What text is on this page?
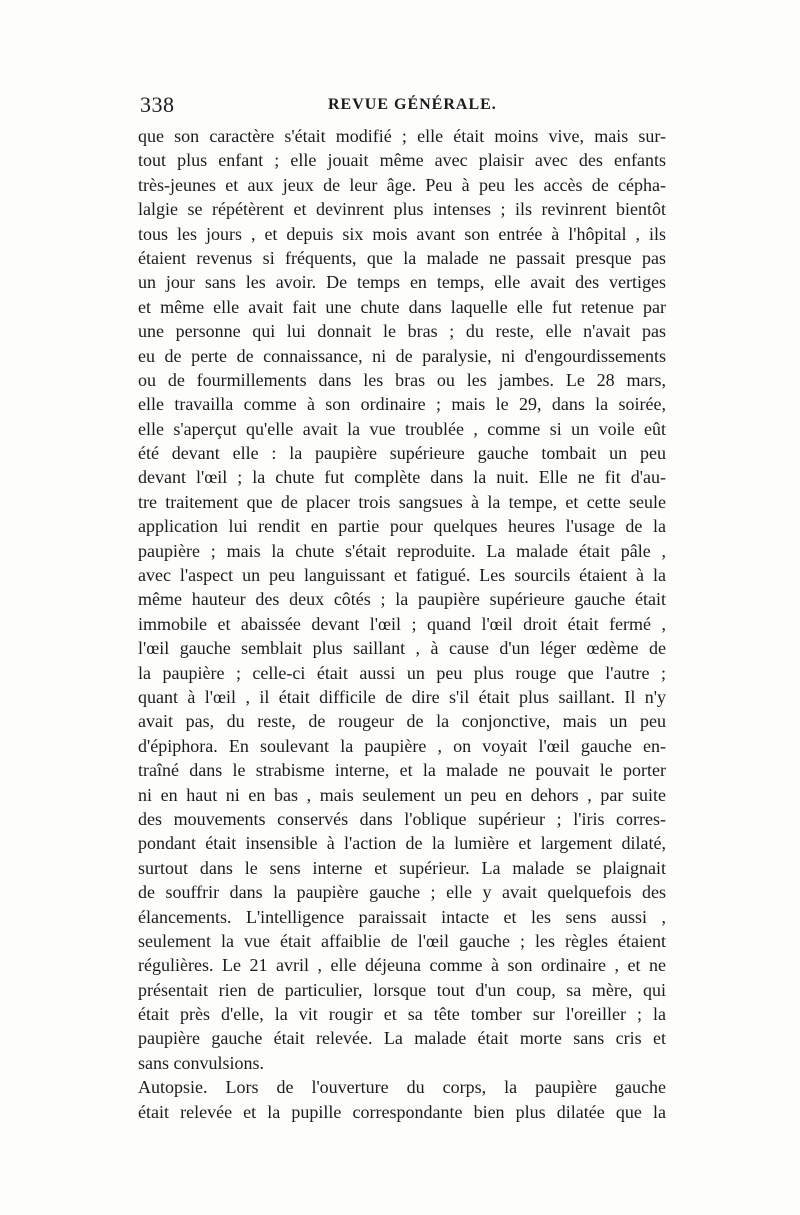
338	REVUE GÉNÉRALE.
que son caractère s'était modifié ; elle était moins vive, mais sur-
tout plus enfant ; elle jouait même avec plaisir avec des enfants
très-jeunes et aux jeux de leur âge. Peu à peu les accès de cépha-
lalgie se répétèrent et devinrent plus intenses ; ils revinrent bientôt
tous les jours , et depuis six mois avant son entrée à l'hôpital , ils
étaient revenus si fréquents, que la malade ne passait presque pas
un jour sans les avoir. De temps en temps, elle avait des vertiges
et même elle avait fait une chute dans laquelle elle fut retenue par
une personne qui lui donnait le bras ; du reste, elle n'avait pas
eu de perte de connaissance, ni de paralysie, ni d'engourdissements
ou de fourmillements dans les bras ou les jambes. Le 28 mars,
elle travailla comme à son ordinaire ; mais le 29, dans la soirée,
elle s'aperçut qu'elle avait la vue troublée , comme si un voile eût
été devant elle : la paupière supérieure gauche tombait un peu
devant l'œil ; la chute fut complète dans la nuit. Elle ne fit d'au-
tre traitement que de placer trois sangsues à la tempe, et cette seule
application lui rendit en partie pour quelques heures l'usage de la
paupière ; mais la chute s'était reproduite. La malade était pâle ,
avec l'aspect un peu languissant et fatigué. Les sourcils étaient à la
même hauteur des deux côtés ; la paupière supérieure gauche était
immobile et abaissée devant l'œil ; quand l'œil droit était fermé ,
l'œil gauche semblait plus saillant , à cause d'un léger œdème de
la paupière ; celle-ci était aussi un peu plus rouge que l'autre ;
quant à l'œil , il était difficile de dire s'il était plus saillant. Il n'y
avait pas, du reste, de rougeur de la conjonctive, mais un peu
d'épiphora. En soulevant la paupière , on voyait l'œil gauche en-
traîné dans le strabisme interne, et la malade ne pouvait le porter
ni en haut ni en bas , mais seulement un peu en dehors , par suite
des mouvements conservés dans l'oblique supérieur ; l'iris corres-
pondant était insensible à l'action de la lumière et largement dilaté,
surtout dans le sens interne et supérieur. La malade se plaignait
de souffrir dans la paupière gauche ; elle y avait quelquefois des
élancements. L'intelligence paraissait intacte et les sens aussi ,
seulement la vue était affaiblie de l'œil gauche ; les règles étaient
régulières. Le 21 avril , elle déjeuna comme à son ordinaire , et ne
présentait rien de particulier, lorsque tout d'un coup, sa mère, qui
était près d'elle, la vit rougir et sa tête tomber sur l'oreiller ; la
paupière gauche était relevée. La malade était morte sans cris et
sans convulsions.
Autopsie. Lors de l'ouverture du corps, la paupière gauche
était relevée et la pupille correspondante bien plus dilatée que la
